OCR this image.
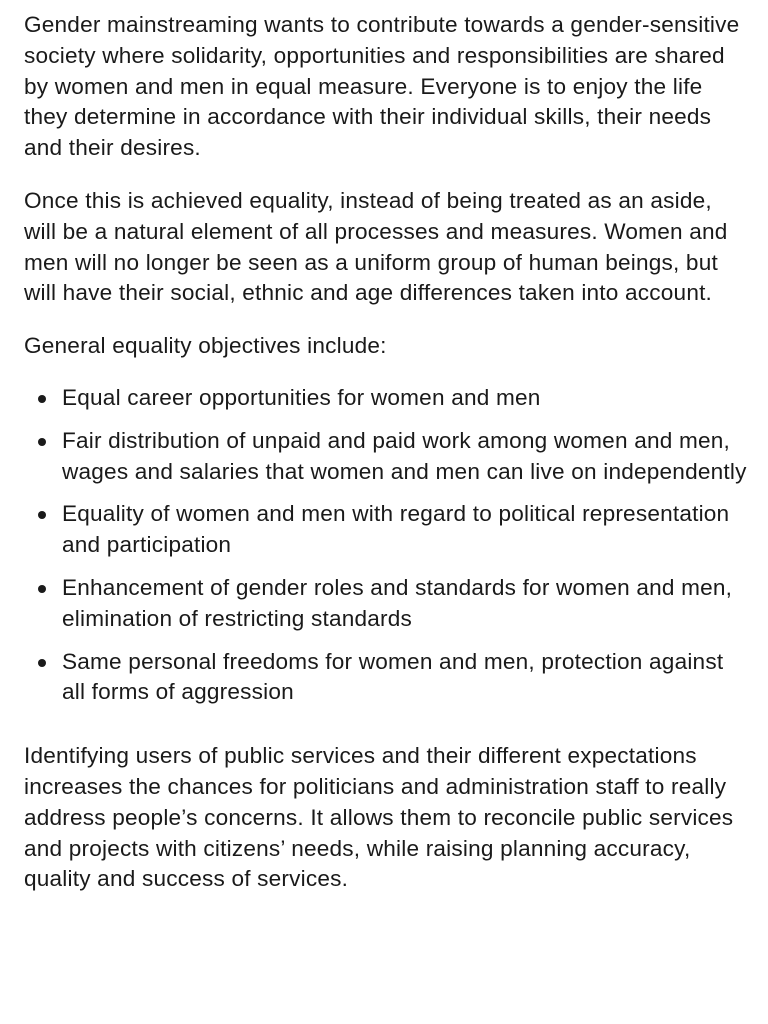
Gender mainstreaming wants to contribute towards a gender-sensitive society where solidarity, opportunities and responsibilities are shared by women and men in equal measure. Everyone is to enjoy the life they determine in accordance with their individual skills, their needs and their desires.

Once this is achieved equality, instead of being treated as an aside, will be a natural element of all processes and measures. Women and men will no longer be seen as a uniform group of human beings, but will have their social, ethnic and age differences taken into account.

General equality objectives include:

Equal career opportunities for women and men
Fair distribution of unpaid and paid work among women and men, wages and salaries that women and men can live on independently
Equality of women and men with regard to political representation and participation
Enhancement of gender roles and standards for women and men, elimination of restricting standards
Same personal freedoms for women and men, protection against all forms of aggression

Identifying users of public services and their different expectations increases the chances for politicians and administration staff to really address people’s concerns. It allows them to reconcile public services and projects with citizens’ needs, while raising planning accuracy, quality and success of services.
